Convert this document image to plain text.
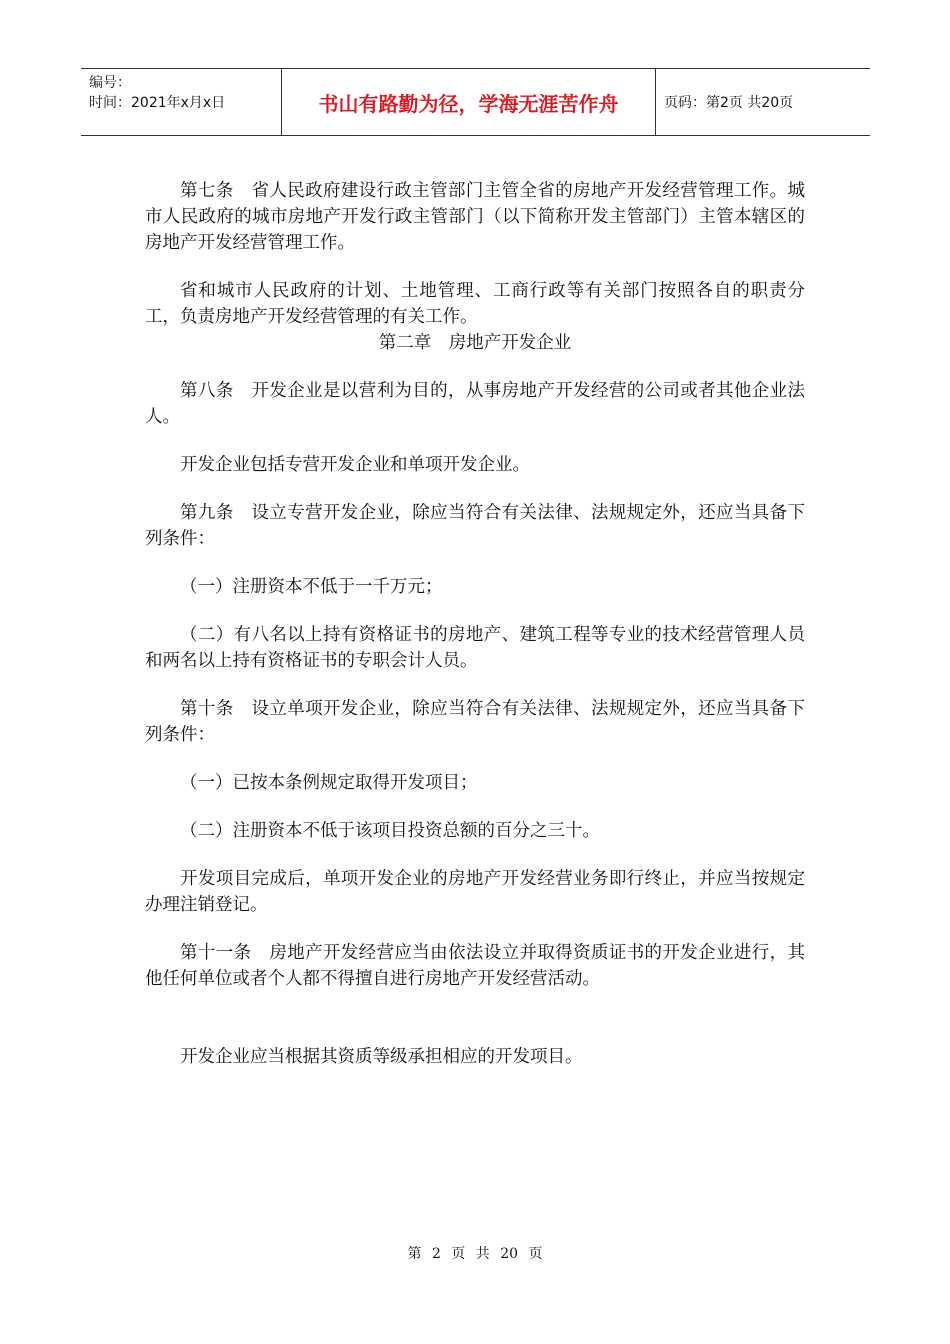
编号：
时间：2021年x月x日	书山有路勤为径，学海无涯苦作舟	页码：第2页 共20页

第七条　省人民政府建设行政主管部门主管全省的房地产开发经营管理工作。城市人民政府的城市房地产开发行政主管部门（以下简称开发主管部门）主管本辖区的房地产开发经营管理工作。

省和城市人民政府的计划、土地管理、工商行政等有关部门按照各自的职责分工，负责房地产开发经营管理的有关工作。

第二章　房地产开发企业

第八条　开发企业是以营利为目的，从事房地产开发经营的公司或者其他企业法人。

开发企业包括专营开发企业和单项开发企业。

第九条　设立专营开发企业，除应当符合有关法律、法规规定外，还应当具备下列条件：

（一）注册资本不低于一千万元；

（二）有八名以上持有资格证书的房地产、建筑工程等专业的技术经营管理人员和两名以上持有资格证书的专职会计人员。

第十条　设立单项开发企业，除应当符合有关法律、法规规定外，还应当具备下列条件：

（一）已按本条例规定取得开发项目；

（二）注册资本不低于该项目投资总额的百分之三十。

开发项目完成后，单项开发企业的房地产开发经营业务即行终止，并应当按规定办理注销登记。

第十一条　房地产开发经营应当由依法设立并取得资质证书的开发企业进行，其他任何单位或者个人都不得擅自进行房地产开发经营活动。

开发企业应当根据其资质等级承担相应的开发项目。

第 2 页 共 20 页
